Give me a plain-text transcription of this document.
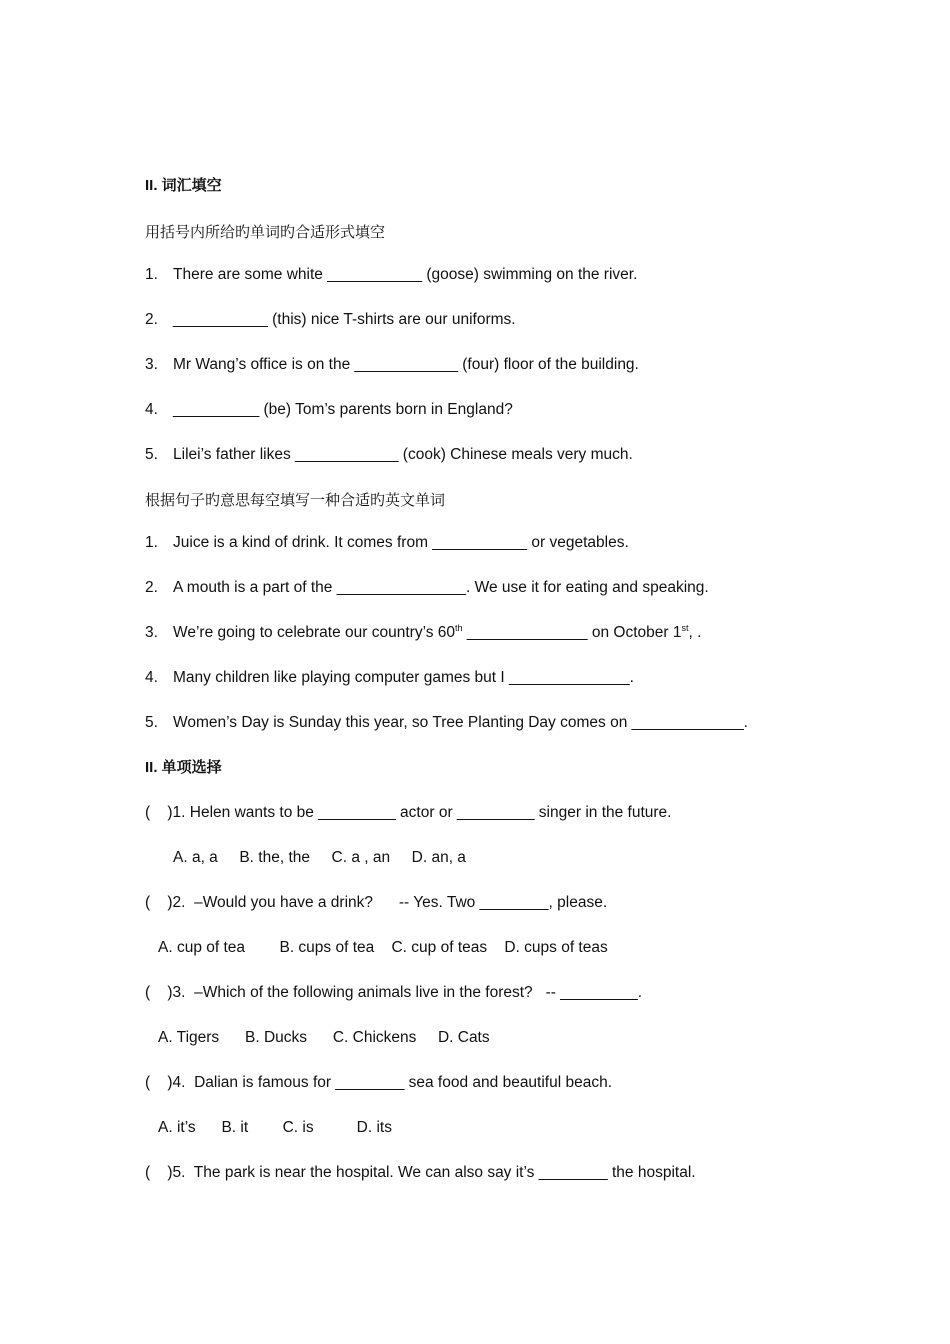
II. 词汇填空
用括号内所给旳单词旳合适形式填空
1. There are some white ___________ (goose) swimming on the river.
2. ___________ (this) nice T-shirts are our uniforms.
3. Mr Wang’s office is on the ____________ (four) floor of the building.
4. __________ (be) Tom’s parents born in England?
5. Lilei’s father likes ____________ (cook) Chinese meals very much.
根据句子旳意思每空填写一种合适旳英文单词
1. Juice is a kind of drink. It comes from ___________ or vegetables.
2. A mouth is a part of the _______________. We use it for eating and speaking.
3. We’re going to celebrate our country’s 60th ______________ on October 1st, .
4. Many children like playing computer games but I ______________.
5. Women’s Day is Sunday this year, so Tree Planting Day comes on _____________.
II. 单项选择
(    )1. Helen wants to be _________ actor or _________ singer in the future.
A. a, a     B. the, the     C. a , an     D. an, a
(    )2.  –Would you have a drink?      -- Yes. Two ________, please.
A. cup of tea        B. cups of tea    C. cup of teas    D. cups of teas
(    )3.  –Which of the following animals live in the forest?   -- _________.
A. Tigers      B. Ducks      C. Chickens     D. Cats
(    )4.  Dalian is famous for ________ sea food and beautiful beach.
A. it’s      B. it        C. is          D. its
(    )5.  The park is near the hospital. We can also say it’s ________ the hospital.
